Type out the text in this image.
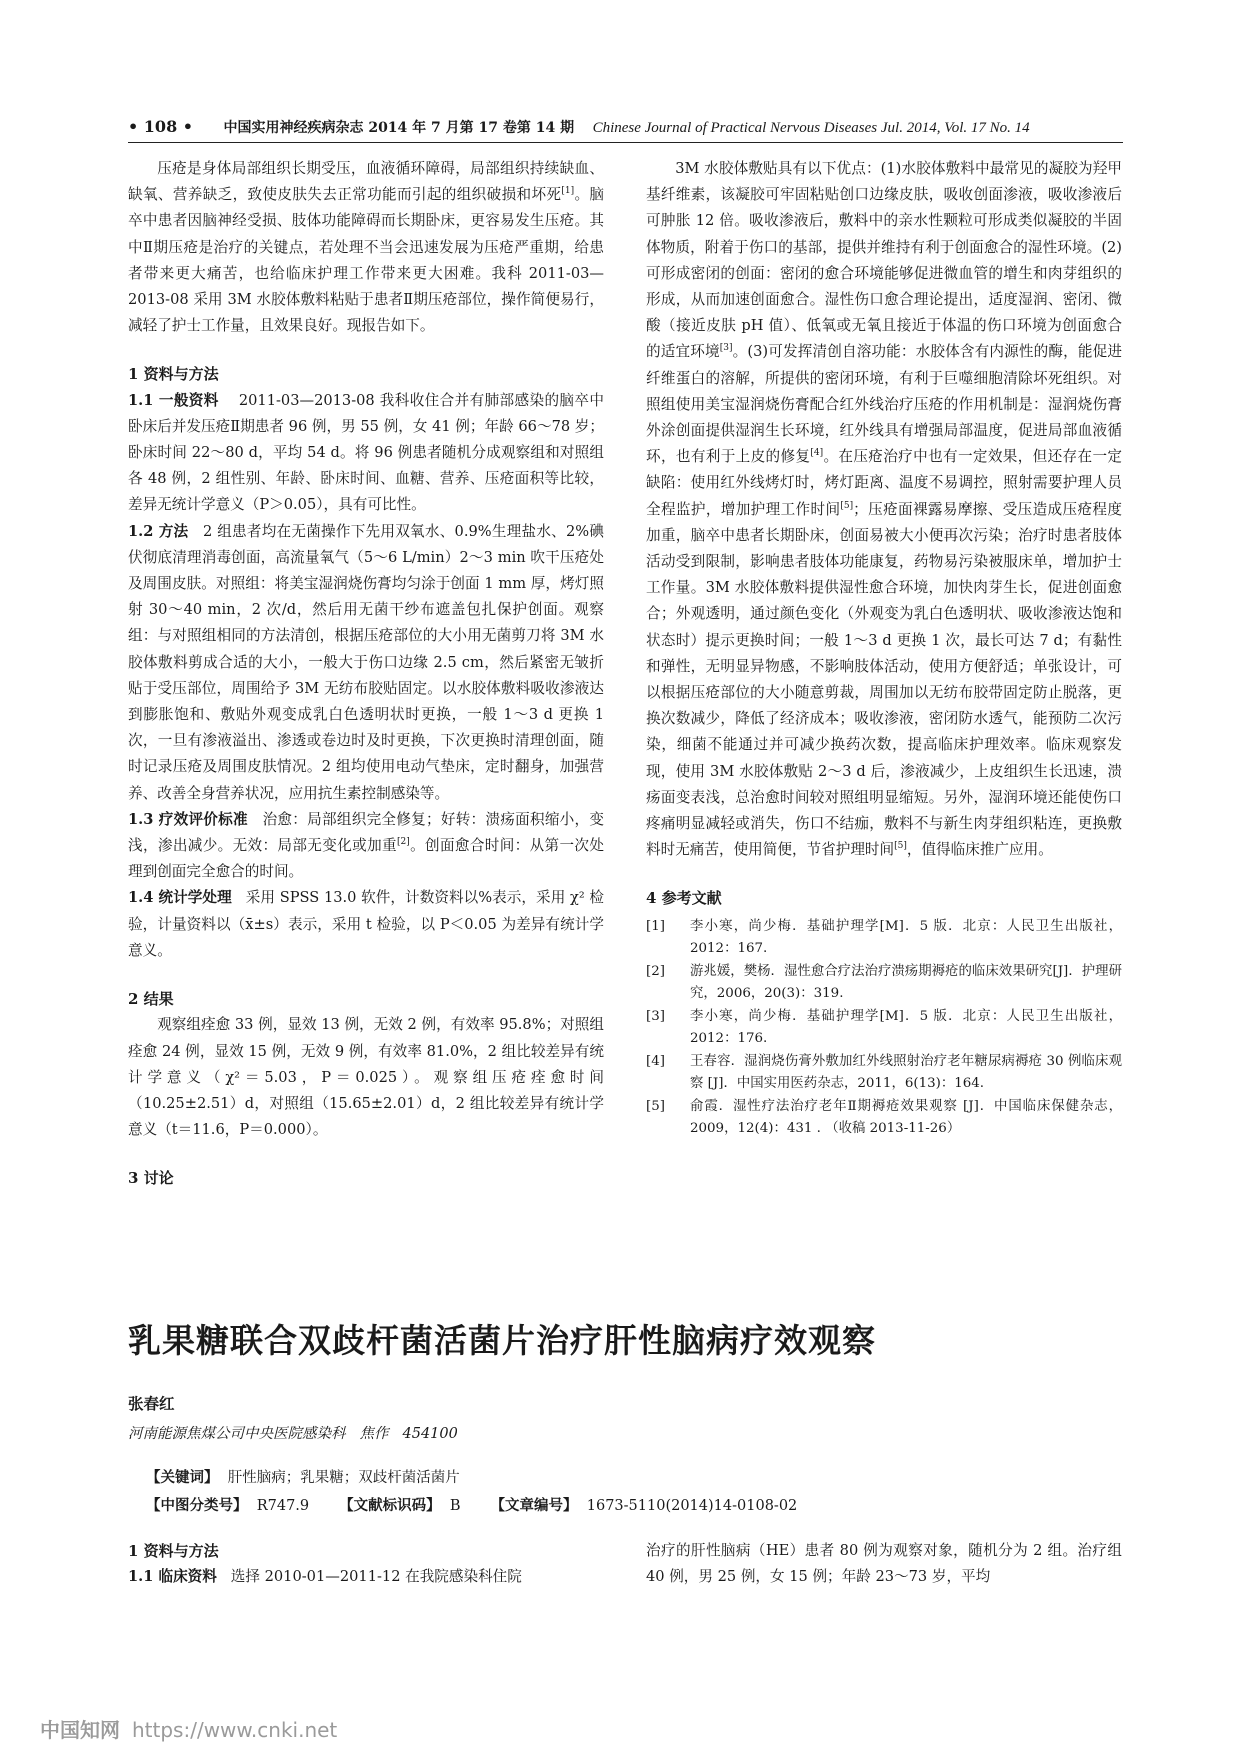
• 108 • 中国实用神经疾病杂志 2014 年 7 月第 17 卷第 14 期 Chinese Journal of Practical Nervous Diseases Jul. 2014, Vol. 17 No. 14

压疮是身体局部组织长期受压，血液循环障碍，局部组织持续缺血、缺氧、营养缺乏，致使皮肤失去正常功能而引起的组织破损和坏死[1]。脑卒中患者因脑神经受损、肢体功能障碍而长期卧床，更容易发生压疮。其中Ⅱ期压疮是治疗的关键点，若处理不当会迅速发展为压疮严重期，给患者带来更大痛苦，也给临床护理工作带来更大困难。我科 2011-03—2013-08 采用 3M 水胶体敷料粘贴于患者Ⅱ期压疮部位，操作简便易行，减轻了护士工作量，且效果良好。现报告如下。

1 资料与方法

1.1 一般资料 2011-03—2013-08 我科收住合并有肺部感染的脑卒中卧床后并发压疮Ⅱ期患者 96 例，男 55 例，女 41 例；年龄 66～78 岁；卧床时间 22～80 d，平均 54 d。将 96 例患者随机分成观察组和对照组各 48 例，2 组性别、年龄、卧床时间、血糖、营养、压疮面积等比较，差异无统计学意义（P＞0.05），具有可比性。

1.2 方法 2 组患者均在无菌操作下先用双氧水、0.9%生理盐水、2%碘伏彻底清理消毒创面，高流量氧气（5～6 L/min）2～3 min 吹干压疮处及周围皮肤。对照组：将美宝湿润烧伤膏均匀涂于创面 1 mm 厚，烤灯照射 30～40 min，2 次/d，然后用无菌干纱布遮盖包扎保护创面。观察组：与对照组相同的方法清创，根据压疮部位的大小用无菌剪刀将 3M 水胶体敷料剪成合适的大小，一般大于伤口边缘 2.5 cm，然后紧密无皱折贴于受压部位，周围给予 3M 无纺布胶贴固定。以水胶体敷料吸收渗液达到膨胀饱和、敷贴外观变成乳白色透明状时更换，一般 1～3 d 更换 1 次，一旦有渗液溢出、渗透或卷边时及时更换，下次更换时清理创面，随时记录压疮及周围皮肤情况。2 组均使用电动气垫床，定时翻身，加强营养、改善全身营养状况，应用抗生素控制感染等。

1.3 疗效评价标准 治愈：局部组织完全修复；好转：溃疡面积缩小，变浅，渗出减少。无效：局部无变化或加重[2]。创面愈合时间：从第一次处理到创面完全愈合的时间。

1.4 统计学处理 采用 SPSS 13.0 软件，计数资料以%表示，采用 χ² 检验，计量资料以（x̄±s）表示，采用 t 检验，以 P＜0.05 为差异有统计学意义。

2 结果

观察组痊愈 33 例，显效 13 例，无效 2 例，有效率 95.8%；对照组痊愈 24 例，显效 15 例，无效 9 例，有效率 81.0%，2 组比较差异有统计学意义（χ²＝5.03，P＝0.025）。观察组压疮痊愈时间（10.25±2.51）d，对照组（15.65±2.01）d，2 组比较差异有统计学意义（t＝11.6，P＝0.000）。

3 讨论

3M 水胶体敷贴具有以下优点：(1)水胶体敷料中最常见的凝胶为羟甲基纤维素，该凝胶可牢固粘贴创口边缘皮肤，吸收创面渗液，吸收渗液后可肿胀 12 倍。吸收渗液后，敷料中的亲水性颗粒可形成类似凝胶的半固体物质，附着于伤口的基部，提供并维持有利于创面愈合的湿性环境。(2)可形成密闭的创面：密闭的愈合环境能够促进微血管的增生和肉芽组织的形成，从而加速创面愈合。湿性伤口愈合理论提出，适度湿润、密闭、微酸（接近皮肤 pH 值）、低氧或无氧且接近于体温的伤口环境为创面愈合的适宜环境[3]。(3)可发挥清创自溶功能：水胶体含有内源性的酶，能促进纤维蛋白的溶解，所提供的密闭环境，有利于巨噬细胞清除坏死组织。对照组使用美宝湿润烧伤膏配合红外线治疗压疮的作用机制是：湿润烧伤膏外涂创面提供湿润生长环境，红外线具有增强局部温度，促进局部血液循环，也有利于上皮的修复[4]。在压疮治疗中也有一定效果，但还存在一定缺陷：使用红外线烤灯时，烤灯距离、温度不易调控，照射需要护理人员全程监护，增加护理工作时间[5]；压疮面裸露易摩擦、受压造成压疮程度加重，脑卒中患者长期卧床，创面易被大小便再次污染；治疗时患者肢体活动受到限制，影响患者肢体功能康复，药物易污染被服床单，增加护士工作量。3M 水胶体敷料提供湿性愈合环境，加快肉芽生长，促进创面愈合；外观透明，通过颜色变化（外观变为乳白色透明状、吸收渗液达饱和状态时）提示更换时间；一般 1～3 d 更换 1 次，最长可达 7 d；有黏性和弹性，无明显异物感，不影响肢体活动，使用方便舒适；单张设计，可以根据压疮部位的大小随意剪裁，周围加以无纺布胶带固定防止脱落，更换次数减少，降低了经济成本；吸收渗液，密闭防水透气，能预防二次污染，细菌不能通过并可减少换药次数，提高临床护理效率。临床观察发现，使用 3M 水胶体敷贴 2～3 d 后，渗液减少，上皮组织生长迅速，溃疡面变表浅，总治愈时间较对照组明显缩短。另外，湿润环境还能使伤口疼痛明显减轻或消失，伤口不结痂，敷料不与新生肉芽组织粘连，更换敷料时无痛苦，使用简便，节省护理时间[5]，值得临床推广应用。

4 参考文献

[1]	李小寒，尚少梅．基础护理学[M]．5 版．北京：人民卫生出版社，2012：167.

[2]	游兆媛，樊杨．湿性愈合疗法治疗溃疡期褥疮的临床效果研究[J]．护理研究，2006，20(3)：319.

[3]	李小寒，尚少梅．基础护理学[M]．5 版．北京：人民卫生出版社，2012：176.

[4]	王春容．湿润烧伤膏外敷加红外线照射治疗老年糖尿病褥疮 30 例临床观察 [J]．中国实用医药杂志，2011，6(13)：164.

[5]	俞霞．湿性疗法治疗老年Ⅱ期褥疮效果观察 [J]．中国临床保健杂志，2009，12(4)：431 . （收稿 2013-11-26）

乳果糖联合双歧杆菌活菌片治疗肝性脑病疗效观察
张春红
河南能源焦煤公司中央医院感染科 焦作 454100
【关键词】 肝性脑病；乳果糖；双歧杆菌活菌片
【中图分类号】 R747.9 【文献标识码】 B 【文章编号】 1673-5110(2014)14-0108-02

1 资料与方法

1.1 临床资料 选择 2010-01—2011-12 在我院感染科住院

治疗的肝性脑病（HE）患者 80 例为观察对象，随机分为 2 组。治疗组 40 例，男 25 例，女 15 例；年龄 23～73 岁，平均

中国知网 https://www.cnki.net
